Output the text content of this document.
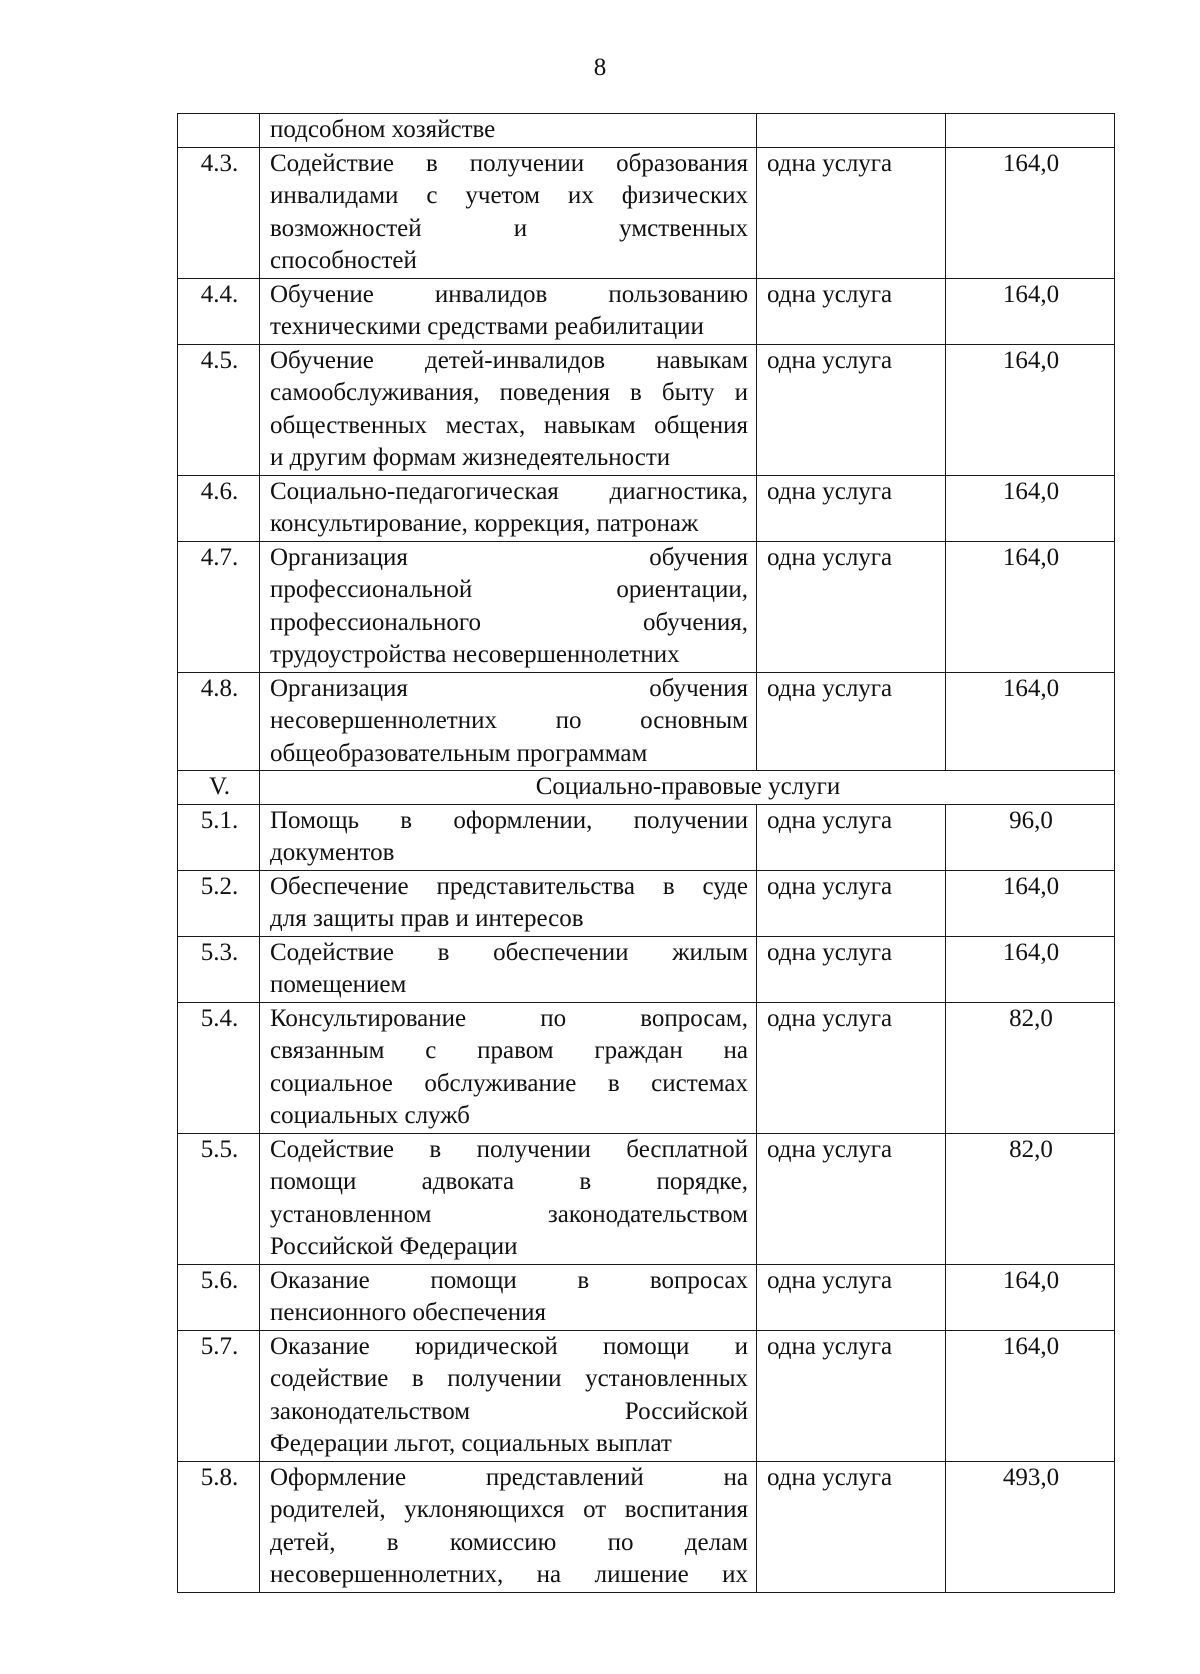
8

	подсобном хозяйстве		

4.3.	Содействие в получении образования
инвалидами с учетом их физических
возможностей и умственных
способностей	одна услуга	164,0
4.4.	Обучение инвалидов пользованию
техническими средствами реабилитации	одна услуга	164,0
4.5.	Обучение детей-инвалидов навыкам
самообслуживания, поведения в быту и
общественных местах, навыкам общения
и другим формам жизнедеятельности	одна услуга	164,0
4.6.	Социально-педагогическая диагностика,
консультирование, коррекция, патронаж	одна услуга	164,0
4.7.	Организация обучения
профессиональной ориентации,
профессионального обучения,
трудоустройства несовершеннолетних	одна услуга	164,0
4.8.	Организация обучения
несовершеннолетних по основным
общеобразовательным программам	одна услуга	164,0
V.	Социально-правовые услуги		
5.1.	Помощь в оформлении, получении
документов	одна услуга	96,0
5.2.	Обеспечение представительства в суде
для защиты прав и интересов	одна услуга	164,0
5.3.	Содействие в обеспечении жилым
помещением	одна услуга	164,0
5.4.	Консультирование по вопросам,
связанным с правом граждан на
социальное обслуживание в системах
социальных служб	одна услуга	82,0
5.5.	Содействие в получении бесплатной
помощи адвоката в порядке,
установленном законодательством
Российской Федерации	одна услуга	82,0
5.6.	Оказание помощи в вопросах
пенсионного обеспечения	одна услуга	164,0
5.7.	Оказание юридической помощи и
содействие в получении установленных
законодательством Российской
Федерации льгот, социальных выплат	одна услуга	164,0
5.8.	Оформление представлений на
родителей, уклоняющихся от воспитания
детей, в комиссию по делам
несовершеннолетних, на лишение их	одна услуга	493,0
